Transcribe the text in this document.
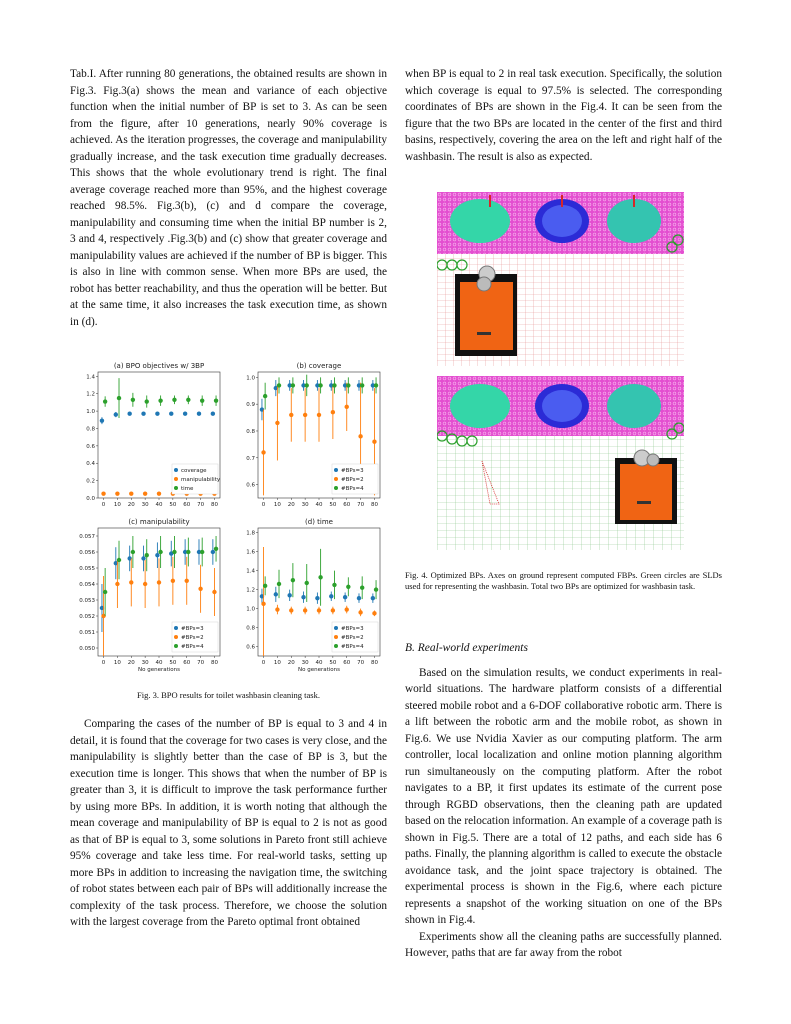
Tab.I. After running 80 generations, the obtained results are shown in Fig.3. Fig.3(a) shows the mean and variance of each objective function when the initial number of BP is set to 3. As can be seen from the figure, after 10 generations, nearly 90% coverage is achieved. As the iteration progresses, the coverage and manipulability gradually increase, and the task execution time gradually decreases. This shows that the whole evolutionary trend is right. The final average coverage reached more than 95%, and the highest coverage reached 98.5%. Fig.3(b), (c) and d compare the coverage, manipulability and consuming time when the initial BP number is 2, 3 and 4, respectively .Fig.3(b) and (c) show that greater coverage and manipulability values are achieved if the number of BP is bigger. This is also in line with common sense. When more BPs are used, the robot has better reachability, and thus the operation will be better. But at the same time, it also increases the task execution time, as shown in (d).

(a) BPO objectives w/ 3BP
0 10 20 30 40 50 60 70 80
0.0
0.2
0.4
0.6
0.8
1.0
1.2
1.4
coverage
manipulability
time
(b) coverage
0 10 20 30 40 50 60 70 80
0.6
0.7
0.8
0.9
1.0
#BPs=3
#BPs=2
#BPs=4
(c) manipulability
0 10 20 30 40 50 60 70 80
0.050
0.051
0.052
0.053
0.054
0.055
0.056
0.057
No generations
#BPs=3
#BPs=2
#BPs=4
(d) time
0 10 20 30 40 50 60 70 80
0.6
0.8
1.0
1.2
1.4
1.6
1.8
No generations
#BPs=3
#BPs=2
#BPs=4
Fig. 3. BPO results for toilet washbasin cleaning task.

Comparing the cases of the number of BP is equal to 3 and 4 in detail, it is found that the coverage for two cases is very close, and the manipulability is slightly better than the case of BP is 3, but the execution time is longer. This shows that when the number of BP is greater than 3, it is difficult to improve the task performance further by using more BPs. In addition, it is worth noting that although the mean coverage and manipulability of BP is equal to 2 is not as good as that of BP is equal to 3, some solutions in Pareto front still achieve 95% coverage and take less time. For real-world tasks, setting up more BPs in addition to increasing the navigation time, the switching of robot states between each pair of BPs will additionally increase the complexity of the task process. Therefore, we choose the solution with the largest coverage from the Pareto optimal front obtained

when BP is equal to 2 in real task execution. Specifically, the solution which coverage is equal to 97.5% is selected. The corresponding coordinates of BPs are shown in the Fig.4. It can be seen from the figure that the two BPs are located in the center of the first and third basins, respectively, covering the area on the left and right half of the washbasin. The result is also as expected.

Fig. 4. Optimized BPs. Axes on ground represent computed FBPs. Green circles are SLDs used for representing the washbasin. Total two BPs are optimized for washbasin task.
B. Real-world experiments

Based on the simulation results, we conduct experiments in real-world situations. The hardware platform consists of a differential steered mobile robot and a 6-DOF collaborative robotic arm. There is a lift between the robotic arm and the mobile robot, as shown in Fig.6. We use Nvidia Xavier as our computing platform. The arm controller, local localization and online motion planning algorithm run simultaneously on the computing platform. After the robot navigates to a BP, it first updates its estimate of the current pose through RGBD observations, then the cleaning path are updated based on the relocation information. An example of a coverage path is shown in Fig.5. There are a total of 12 paths, and each side has 6 paths. Finally, the planning algorithm is called to execute the obstacle avoidance task, and the joint space trajectory is obtained. The experimental process is shown in the Fig.6, where each picture represents a snapshot of the working situation on one of the BPs shown in Fig.4.

Experiments show all the cleaning paths are successfully planned. However, paths that are far away from the robot
